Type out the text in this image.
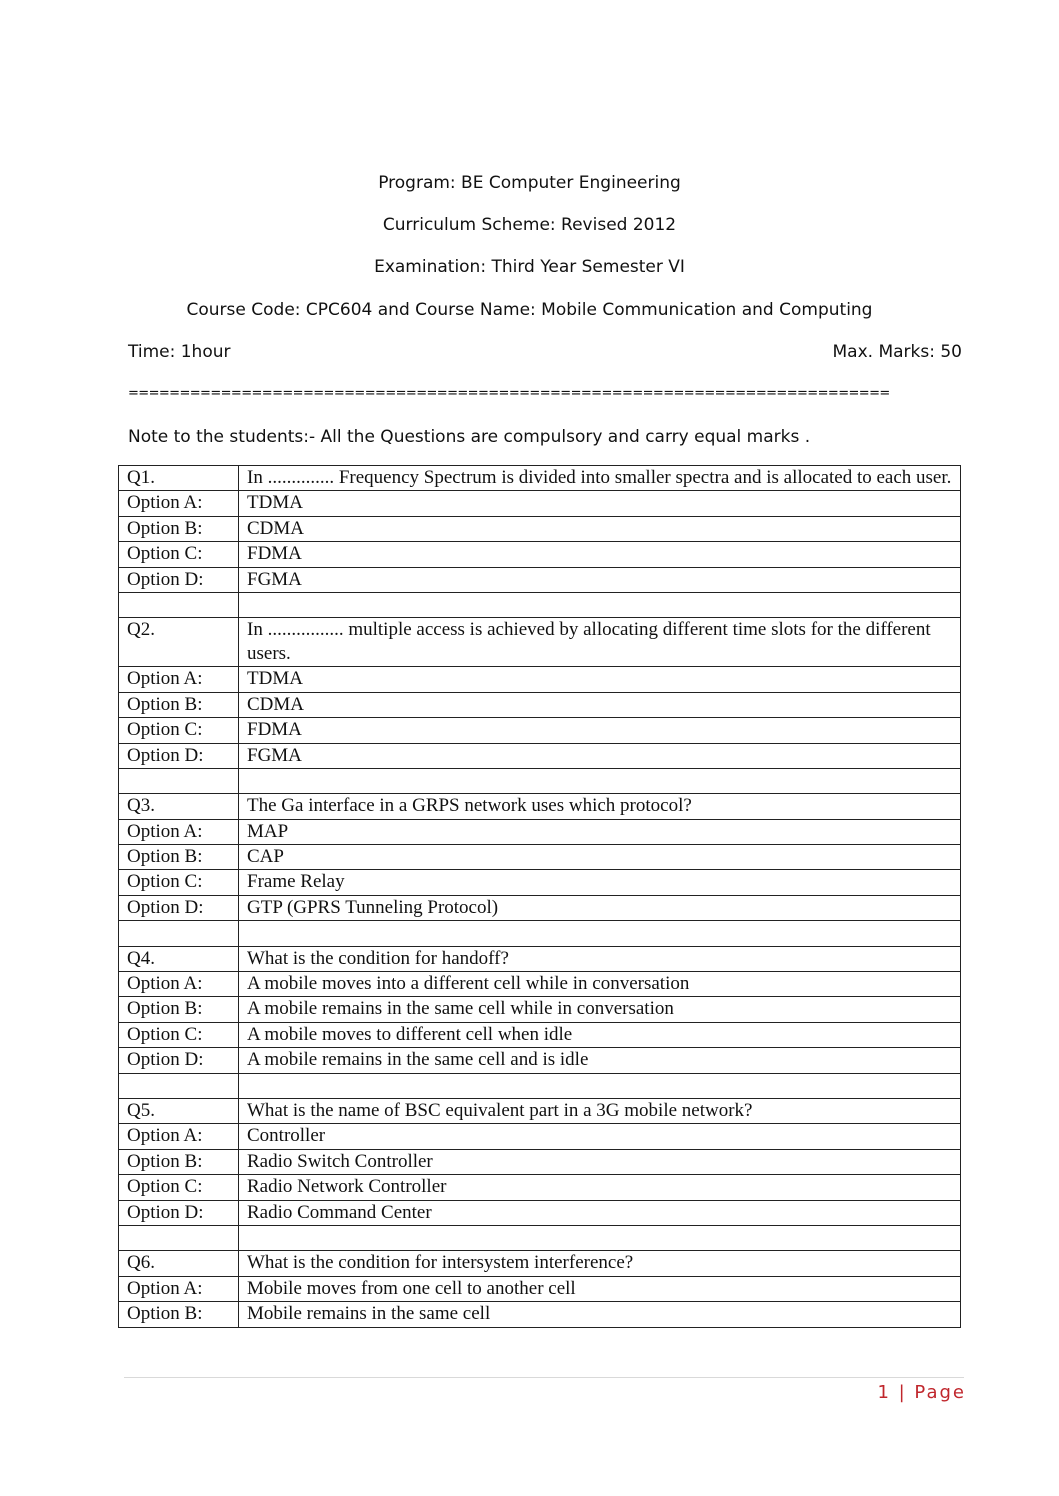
Program: BE Computer Engineering
Curriculum Scheme: Revised 2012
Examination: Third Year Semester VI
Course Code: CPC604 and Course Name: Mobile Communication and Computing
Time: 1hour	Max. Marks: 50
==========================================================================
Note to the students:- All the Questions are compulsory and carry equal marks .
Q1.	In .............. Frequency Spectrum is divided into smaller spectra and is allocated to each user.
Option A:	TDMA
Option B:	CDMA
Option C:	FDMA
Option D:	FGMA

Q2.	In ................ multiple access is achieved by allocating different time slots for the different users.
Option A:	TDMA
Option B:	CDMA
Option C:	FDMA
Option D:	FGMA

Q3.	The Ga interface in a GRPS network uses which protocol?
Option A:	MAP
Option B:	CAP
Option C:	Frame Relay
Option D:	GTP (GPRS Tunneling Protocol)

Q4.	What is the condition for handoff?
Option A:	A mobile moves into a different cell while in conversation
Option B:	A mobile remains in the same cell while in conversation
Option C:	A mobile moves to different cell when idle
Option D:	A mobile remains in the same cell and is idle

Q5.	What is the name of BSC equivalent part in a 3G mobile network?
Option A:	Controller
Option B:	Radio Switch Controller
Option C:	Radio Network Controller
Option D:	Radio Command Center

Q6.	What is the condition for intersystem interference?
Option A:	Mobile moves from one cell to another cell
Option B:	Mobile remains in the same cell
1 | Page
